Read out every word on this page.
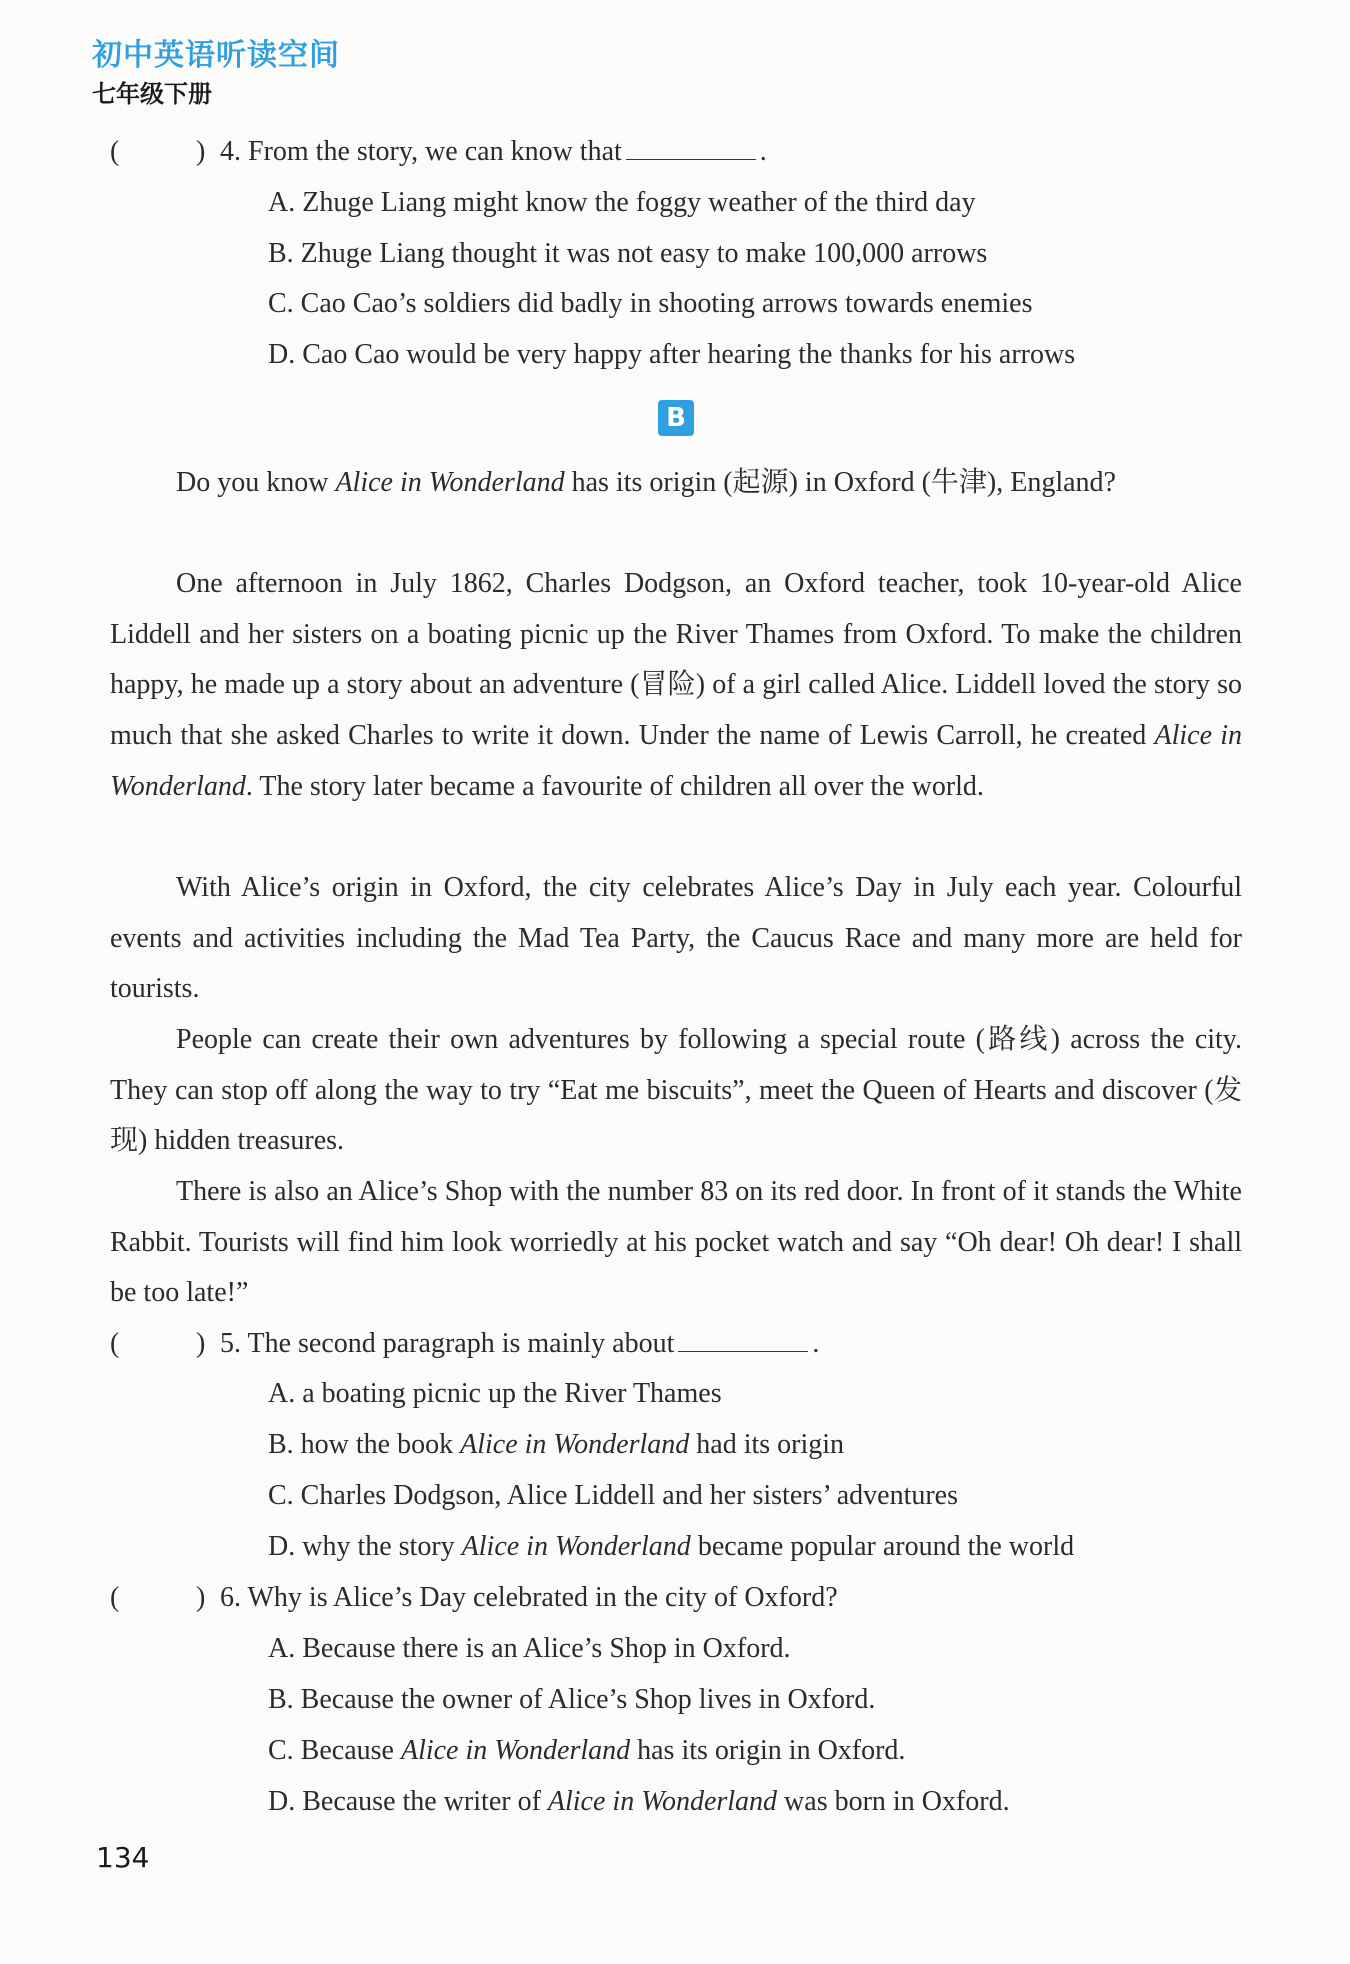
初中英语听读空间
七年级下册
(	) 4. From the story, we can know that	.
A. Zhuge Liang might know the foggy weather of the third day
B. Zhuge Liang thought it was not easy to make 100,000 arrows
C. Cao Cao’s soldiers did badly in shooting arrows towards enemies
D. Cao Cao would be very happy after hearing the thanks for his arrows
B
Do you know Alice in Wonderland has its origin (起源) in Oxford (牛津), England?
One afternoon in July 1862, Charles Dodgson, an Oxford teacher, took 10-year-old Alice Liddell and her sisters on a boating picnic up the River Thames from Oxford. To make the children happy, he made up a story about an adventure (冒险) of a girl called Alice. Liddell loved the story so much that she asked Charles to write it down. Under the name of Lewis Carroll, he created Alice in Wonderland. The story later became a favourite of children all over the world.
With Alice’s origin in Oxford, the city celebrates Alice’s Day in July each year. Colourful events and activities including the Mad Tea Party, the Caucus Race and many more are held for tourists.
People can create their own adventures by following a special route (路线) across the city. They can stop off along the way to try “Eat me biscuits”, meet the Queen of Hearts and discover (发现) hidden treasures.
There is also an Alice’s Shop with the number 83 on its red door. In front of it stands the White Rabbit. Tourists will find him look worriedly at his pocket watch and say “Oh dear! Oh dear! I shall be too late!”
(	) 5. The second paragraph is mainly about	.
A. a boating picnic up the River Thames
B. how the book Alice in Wonderland had its origin
C. Charles Dodgson, Alice Liddell and her sisters’ adventures
D. why the story Alice in Wonderland became popular around the world
(	) 6. Why is Alice’s Day celebrated in the city of Oxford?
A. Because there is an Alice’s Shop in Oxford.
B. Because the owner of Alice’s Shop lives in Oxford.
C. Because Alice in Wonderland has its origin in Oxford.
D. Because the writer of Alice in Wonderland was born in Oxford.
134
